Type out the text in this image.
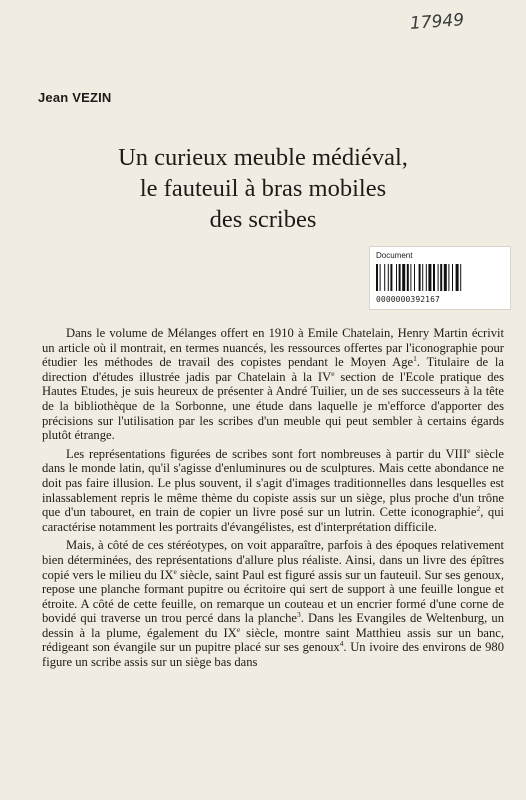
17949
Jean VEZIN
Un curieux meuble médiéval,
le fauteuil à bras mobiles
des scribes
Document
0000000392167

Dans le volume de Mélanges offert en 1910 à Emile Chatelain, Henry Martin écrivit un article où il montrait, en termes nuancés, les ressources offertes par l'iconographie pour étudier les méthodes de travail des copistes pendant le Moyen Age$^1$. Titulaire de la direction d'études illustrée jadis par Chatelain à la IVe section de l'Ecole pratique des Hautes Etudes, je suis heureux de présenter à André Tuilier, un de ses successeurs à la tête de la bibliothèque de la Sorbonne, une étude dans laquelle je m'efforce d'apporter des précisions sur l'utilisation par les scribes d'un meuble qui peut sembler à certains égards plutôt étrange.

Les représentations figurées de scribes sont fort nombreuses à partir du VIIIe siècle dans le monde latin, qu'il s'agisse d'enluminures ou de sculptures. Mais cette abondance ne doit pas faire illusion. Le plus souvent, il s'agit d'images traditionnelles dans lesquelles est inlassablement repris le même thème du copiste assis sur un siège, plus proche d'un trône que d'un tabouret, en train de copier un livre posé sur un lutrin. Cette iconographie$^2$, qui caractérise notamment les portraits d'évangélistes, est d'interprétation difficile.

Mais, à côté de ces stéréotypes, on voit apparaître, parfois à des époques relativement bien déterminées, des représentations d'allure plus réaliste. Ainsi, dans un livre des épîtres copié vers le milieu du IXe siècle, saint Paul est figuré assis sur un fauteuil. Sur ses genoux, repose une planche formant pupitre ou écritoire qui sert de support à une feuille longue et étroite. A côté de cette feuille, on remarque un couteau et un encrier formé d'une corne de bovidé qui traverse un trou percé dans la planche$^3$. Dans les Evangiles de Weltenburg, un dessin à la plume, également du IXe siècle, montre saint Matthieu assis sur un banc, rédigeant son évangile sur un pupitre placé sur ses genoux$^4$. Un ivoire des environs de 980 figure un scribe assis sur un siège bas dans
